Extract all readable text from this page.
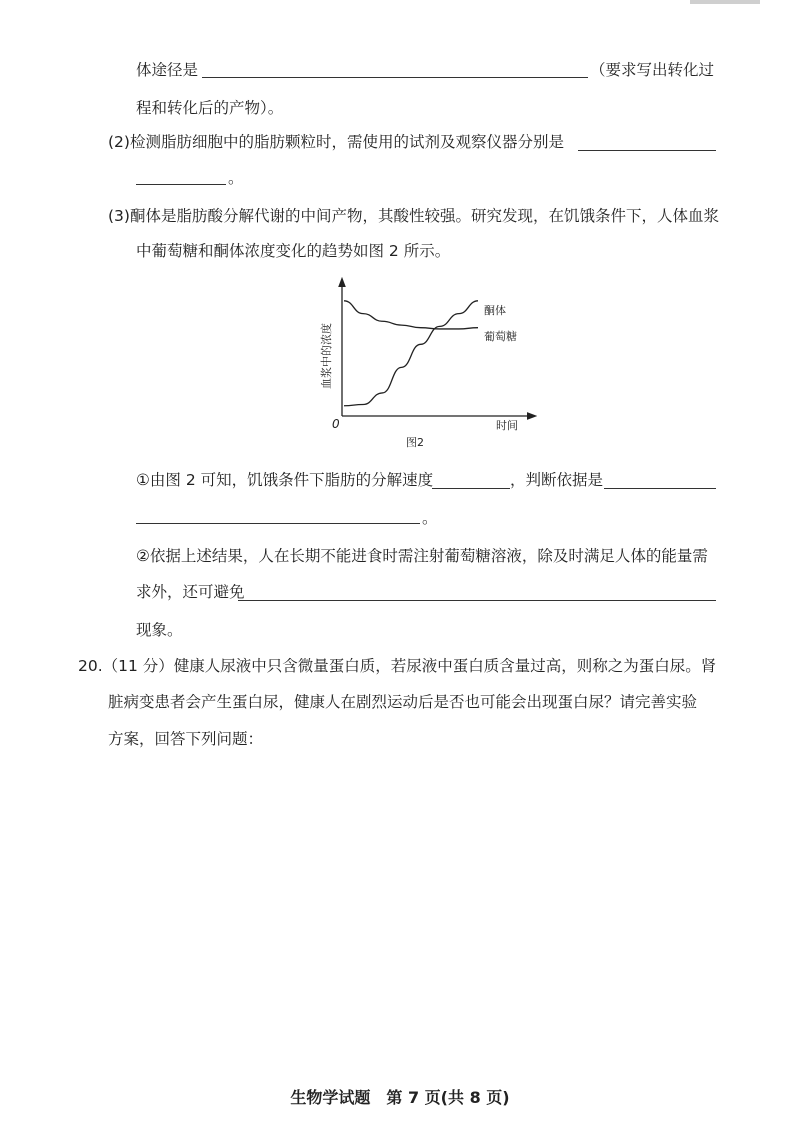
体途径是	（要求写出转化过
程和转化后的产物）。
(2)检测脂肪细胞中的脂肪颗粒时，需使用的试剂及观察仪器分别是
。
(3)酮体是脂肪酸分解代谢的中间产物，其酸性较强。研究发现，在饥饿条件下，人体血浆
中葡萄糖和酮体浓度变化的趋势如图 2 所示。
血浆中的浓度
0	时间
图2
酮体
葡萄糖
①由图 2 可知，饥饿条件下脂肪的分解速度	，判断依据是
。
②依据上述结果，人在长期不能进食时需注射葡萄糖溶液，除及时满足人体的能量需
求外，还可避免
现象。
20.（11 分）健康人尿液中只含微量蛋白质，若尿液中蛋白质含量过高，则称之为蛋白尿。肾
脏病变患者会产生蛋白尿，健康人在剧烈运动后是否也可能会出现蛋白尿？请完善实验
方案，回答下列问题：
生物学试题　第 7 页(共 8 页)
